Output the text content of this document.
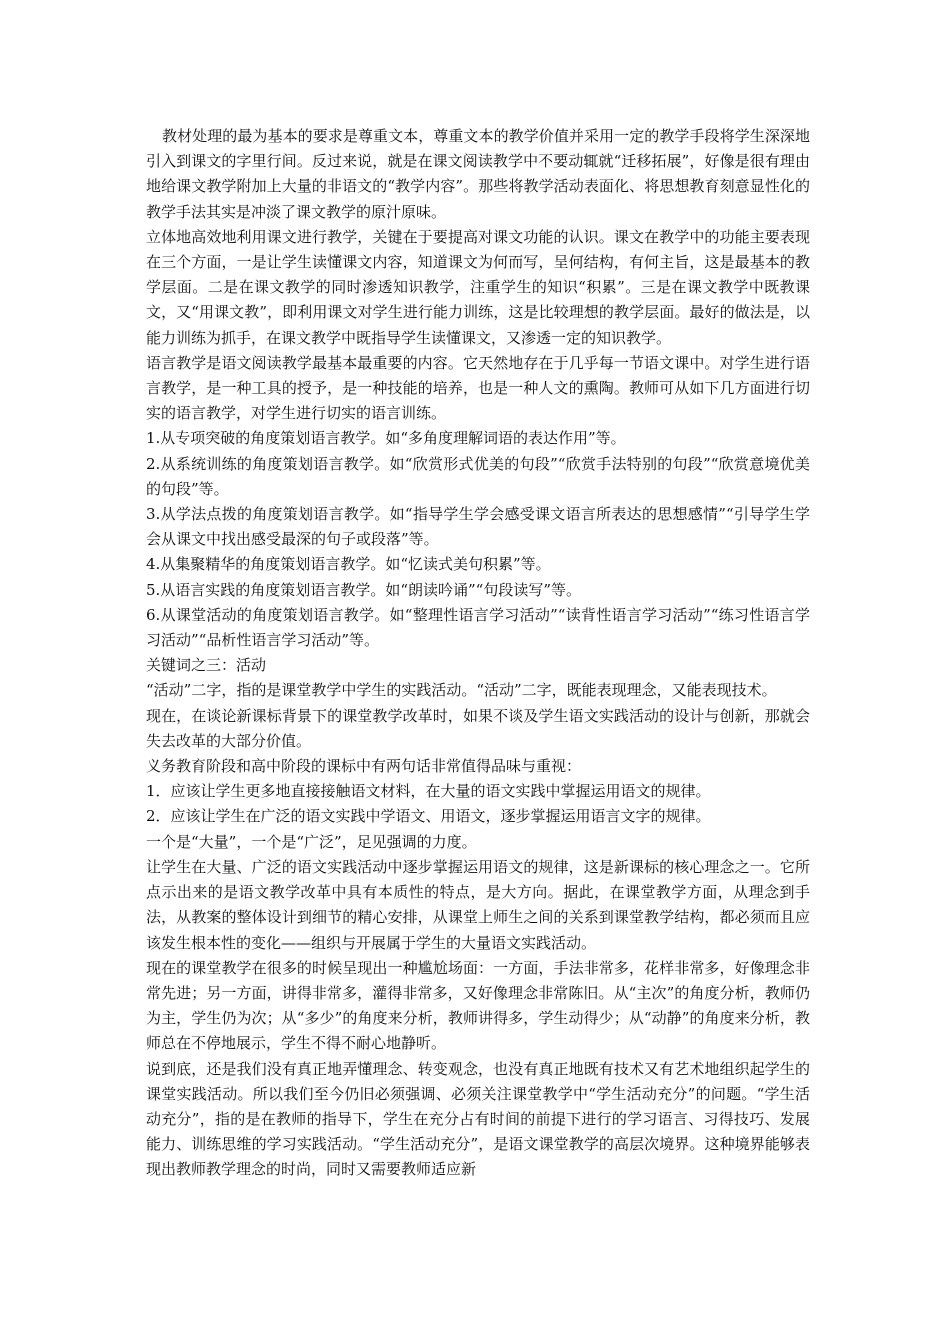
教材处理的最为基本的要求是尊重文本，尊重文本的教学价值并采用一定的教学手段将学生深深地引入到课文的字里行间。反过来说，就是在课文阅读教学中不要动辄就“迁移拓展”，好像是很有理由地给课文教学附加上大量的非语文的“教学内容”。那些将教学活动表面化、将思想教育刻意显性化的教学手法其实是冲淡了课文教学的原汁原味。

立体地高效地利用课文进行教学，关键在于要提高对课文功能的认识。课文在教学中的功能主要表现在三个方面，一是让学生读懂课文内容，知道课文为何而写，呈何结构，有何主旨，这是最基本的教学层面。二是在课文教学的同时渗透知识教学，注重学生的知识“积累”。三是在课文教学中既教课文，又“用课文教”，即利用课文对学生进行能力训练，这是比较理想的教学层面。最好的做法是，以能力训练为抓手，在课文教学中既指导学生读懂课文，又渗透一定的知识教学。

语言教学是语文阅读教学最基本最重要的内容。它天然地存在于几乎每一节语文课中。对学生进行语言教学，是一种工具的授予，是一种技能的培养，也是一种人文的熏陶。教师可从如下几方面进行切实的语言教学，对学生进行切实的语言训练。

1.从专项突破的角度策划语言教学。如“多角度理解词语的表达作用”等。

2.从系统训练的角度策划语言教学。如“欣赏形式优美的句段”“欣赏手法特别的句段”“欣赏意境优美的句段”等。

3.从学法点拨的角度策划语言教学。如“指导学生学会感受课文语言所表达的思想感情”“引导学生学会从课文中找出感受最深的句子或段落”等。

4.从集聚精华的角度策划语言教学。如“忆读式美句积累”等。

5.从语言实践的角度策划语言教学。如“朗读吟诵”“句段读写”等。

6.从课堂活动的角度策划语言教学。如“整理性语言学习活动”“读背性语言学习活动”“练习性语言学习活动”“品析性语言学习活动”等。

关键词之三：活动

“活动”二字，指的是课堂教学中学生的实践活动。“活动”二字，既能表现理念，又能表现技术。

现在，在谈论新课标背景下的课堂教学改革时，如果不谈及学生语文实践活动的设计与创新，那就会失去改革的大部分价值。

义务教育阶段和高中阶段的课标中有两句话非常值得品味与重视：

1．应该让学生更多地直接接触语文材料，在大量的语文实践中掌握运用语文的规律。

2．应该让学生在广泛的语文实践中学语文、用语文，逐步掌握运用语言文字的规律。

一个是“大量”，一个是“广泛”，足见强调的力度。

让学生在大量、广泛的语文实践活动中逐步掌握运用语文的规律，这是新课标的核心理念之一。它所点示出来的是语文教学改革中具有本质性的特点，是大方向。据此，在课堂教学方面，从理念到手法，从教案的整体设计到细节的精心安排，从课堂上师生之间的关系到课堂教学结构，都必须而且应该发生根本性的变化——组织与开展属于学生的大量语文实践活动。

现在的课堂教学在很多的时候呈现出一种尴尬场面：一方面，手法非常多，花样非常多，好像理念非常先进；另一方面，讲得非常多，灌得非常多，又好像理念非常陈旧。从“主次”的角度分析，教师仍为主，学生仍为次；从“多少”的角度来分析，教师讲得多，学生动得少；从“动静”的角度来分析，教师总在不停地展示，学生不得不耐心地静听。

说到底，还是我们没有真正地弄懂理念、转变观念，也没有真正地既有技术又有艺术地组织起学生的课堂实践活动。所以我们至今仍旧必须强调、必须关注课堂教学中“学生活动充分”的问题。“学生活动充分”，指的是在教师的指导下，学生在充分占有时间的前提下进行的学习语言、习得技巧、发展能力、训练思维的学习实践活动。“学生活动充分”，是语文课堂教学的高层次境界。这种境界能够表现出教师教学理念的时尚，同时又需要教师适应新
